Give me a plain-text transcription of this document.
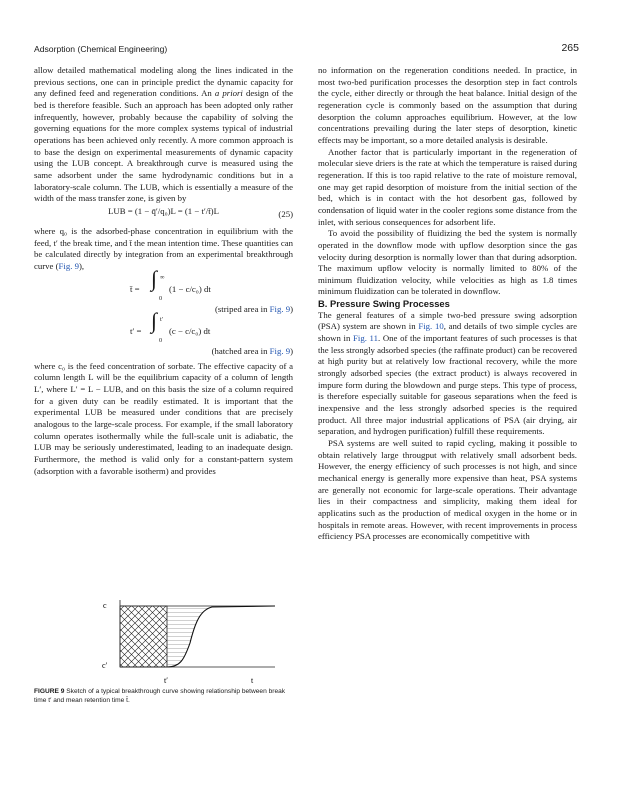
Adsorption (Chemical Engineering)	265

allow detailed mathematical modeling along the lines indicated in the previous sections, one can in principle predict the dynamic capacity for any defined feed and regeneration conditions. An a priori design of the bed is therefore feasible. Such an approach has been adopted only rather infrequently, however, probably because the capability of solving the governing equations for the more complex systems typical of industrial operations has been achieved only recently. A more common approach is to base the design on experimental measurements of dynamic capacity using the LUB concept. A breakthrough curve is measured using the same adsorbent under the same hydrodynamic conditions but in a laboratory-scale column. The LUB, which is essentially a measure of the width of the mass transfer zone, is given by

LUB = (1 − q̄′/q₀)L = (1 − t′/t̄)L	(25)

where q₀ is the adsorbed-phase concentration in equilibrium with the feed, t′ the break time, and t̄ the mean intention time. These quantities can be calculated directly by integration from an experimental breakthrough curve (Fig. 9),

t̄ = ∫ ∞
0
(1 − c/c₀) dt
(striped area in Fig. 9)
t′ = ∫ t′
0
(c − c/c₀) dt
(hatched area in Fig. 9)

where c₀ is the feed concentration of sorbate. The effective capacity of a column length L will be the equilibrium capacity of a column of length L′, where L′ = L − LUB, and on this basis the size of a column required for a given duty can be readily estimated. It is important that the experimental LUB be measured under conditions that are precisely analogous to the large-scale process. For example, if the small laboratory column operates isothermally while the full-scale unit is adiabatic, the LUB may be seriously underestimated, leading to an inadequate design. Furthermore, the method is valid only for a constant-pattern system (adsorption with a favorable isotherm) and provides

c
c′
t′	t
FIGURE 9 Sketch of a typical breakthrough curve showing relationship between break time t′ and mean retention time t̄.

no information on the regeneration conditions needed. In practice, in most two-bed purification processes the desorption step in fact controls the cycle, either directly or through the heat balance. Initial design of the regeneration cycle is commonly based on the assumption that during desorption the column approaches equilibrium. However, at the low concentrations prevailing during the later steps of desorption, kinetic effects may be important, so a more detailed analysis is desirable.

Another factor that is particularly important in the regeneration of molecular sieve driers is the rate at which the temperature is raised during regeneration. If this is too rapid relative to the rate of moisture removal, one may get rapid desorption of moisture from the initial section of the bed, which is in contact with the hot desorbent gas, followed by condensation of liquid water in the cooler regions some distance from the inlet, with serious consequences for adsorbent life.

To avoid the possibility of fluidizing the bed the system is normally operated in the downflow mode with upflow desorption since the gas velocity during desorption is normally lower than that during adsorption. The maximum upflow velocity is normally limited to 80% of the minimum fluidization velocity, while velocities as high as 1.8 times minimum fluidization can be tolerated in downflow.

B. Pressure Swing Processes

The general features of a simple two-bed pressure swing adsorption (PSA) system are shown in Fig. 10, and details of two simple cycles are shown in Fig. 11. One of the important features of such processes is that the less strongly adsorbed species (the raffinate product) can be recovered at high purity but at relatively low fractional recovery, while the more strongly adsorbed species (the extract product) is always recovered in impure form during the blowdown and purge steps. This type of process, is therefore especially suitable for gaseous separations when the feed is inexpensive and the less strongly adsorbed species is the required product. All three major industrial applications of PSA (air drying, air separation, and hydrogen purification) fulfill these requirements.

PSA systems are well suited to rapid cycling, making it possible to obtain relatively large througput with relatively small adsorbent beds. However, the energy efficiency of such processes is not high, and since mechanical energy is generally more expensive than heat, PSA systems are generally not economic for large-scale operations. Their advantage lies in their compactness and simplicity, making them ideal for applicatins such as the production of medical oxygen in the home or in hospitals in remote areas. However, with recent improvements in process efficiency PSA processes are economically competitive with
